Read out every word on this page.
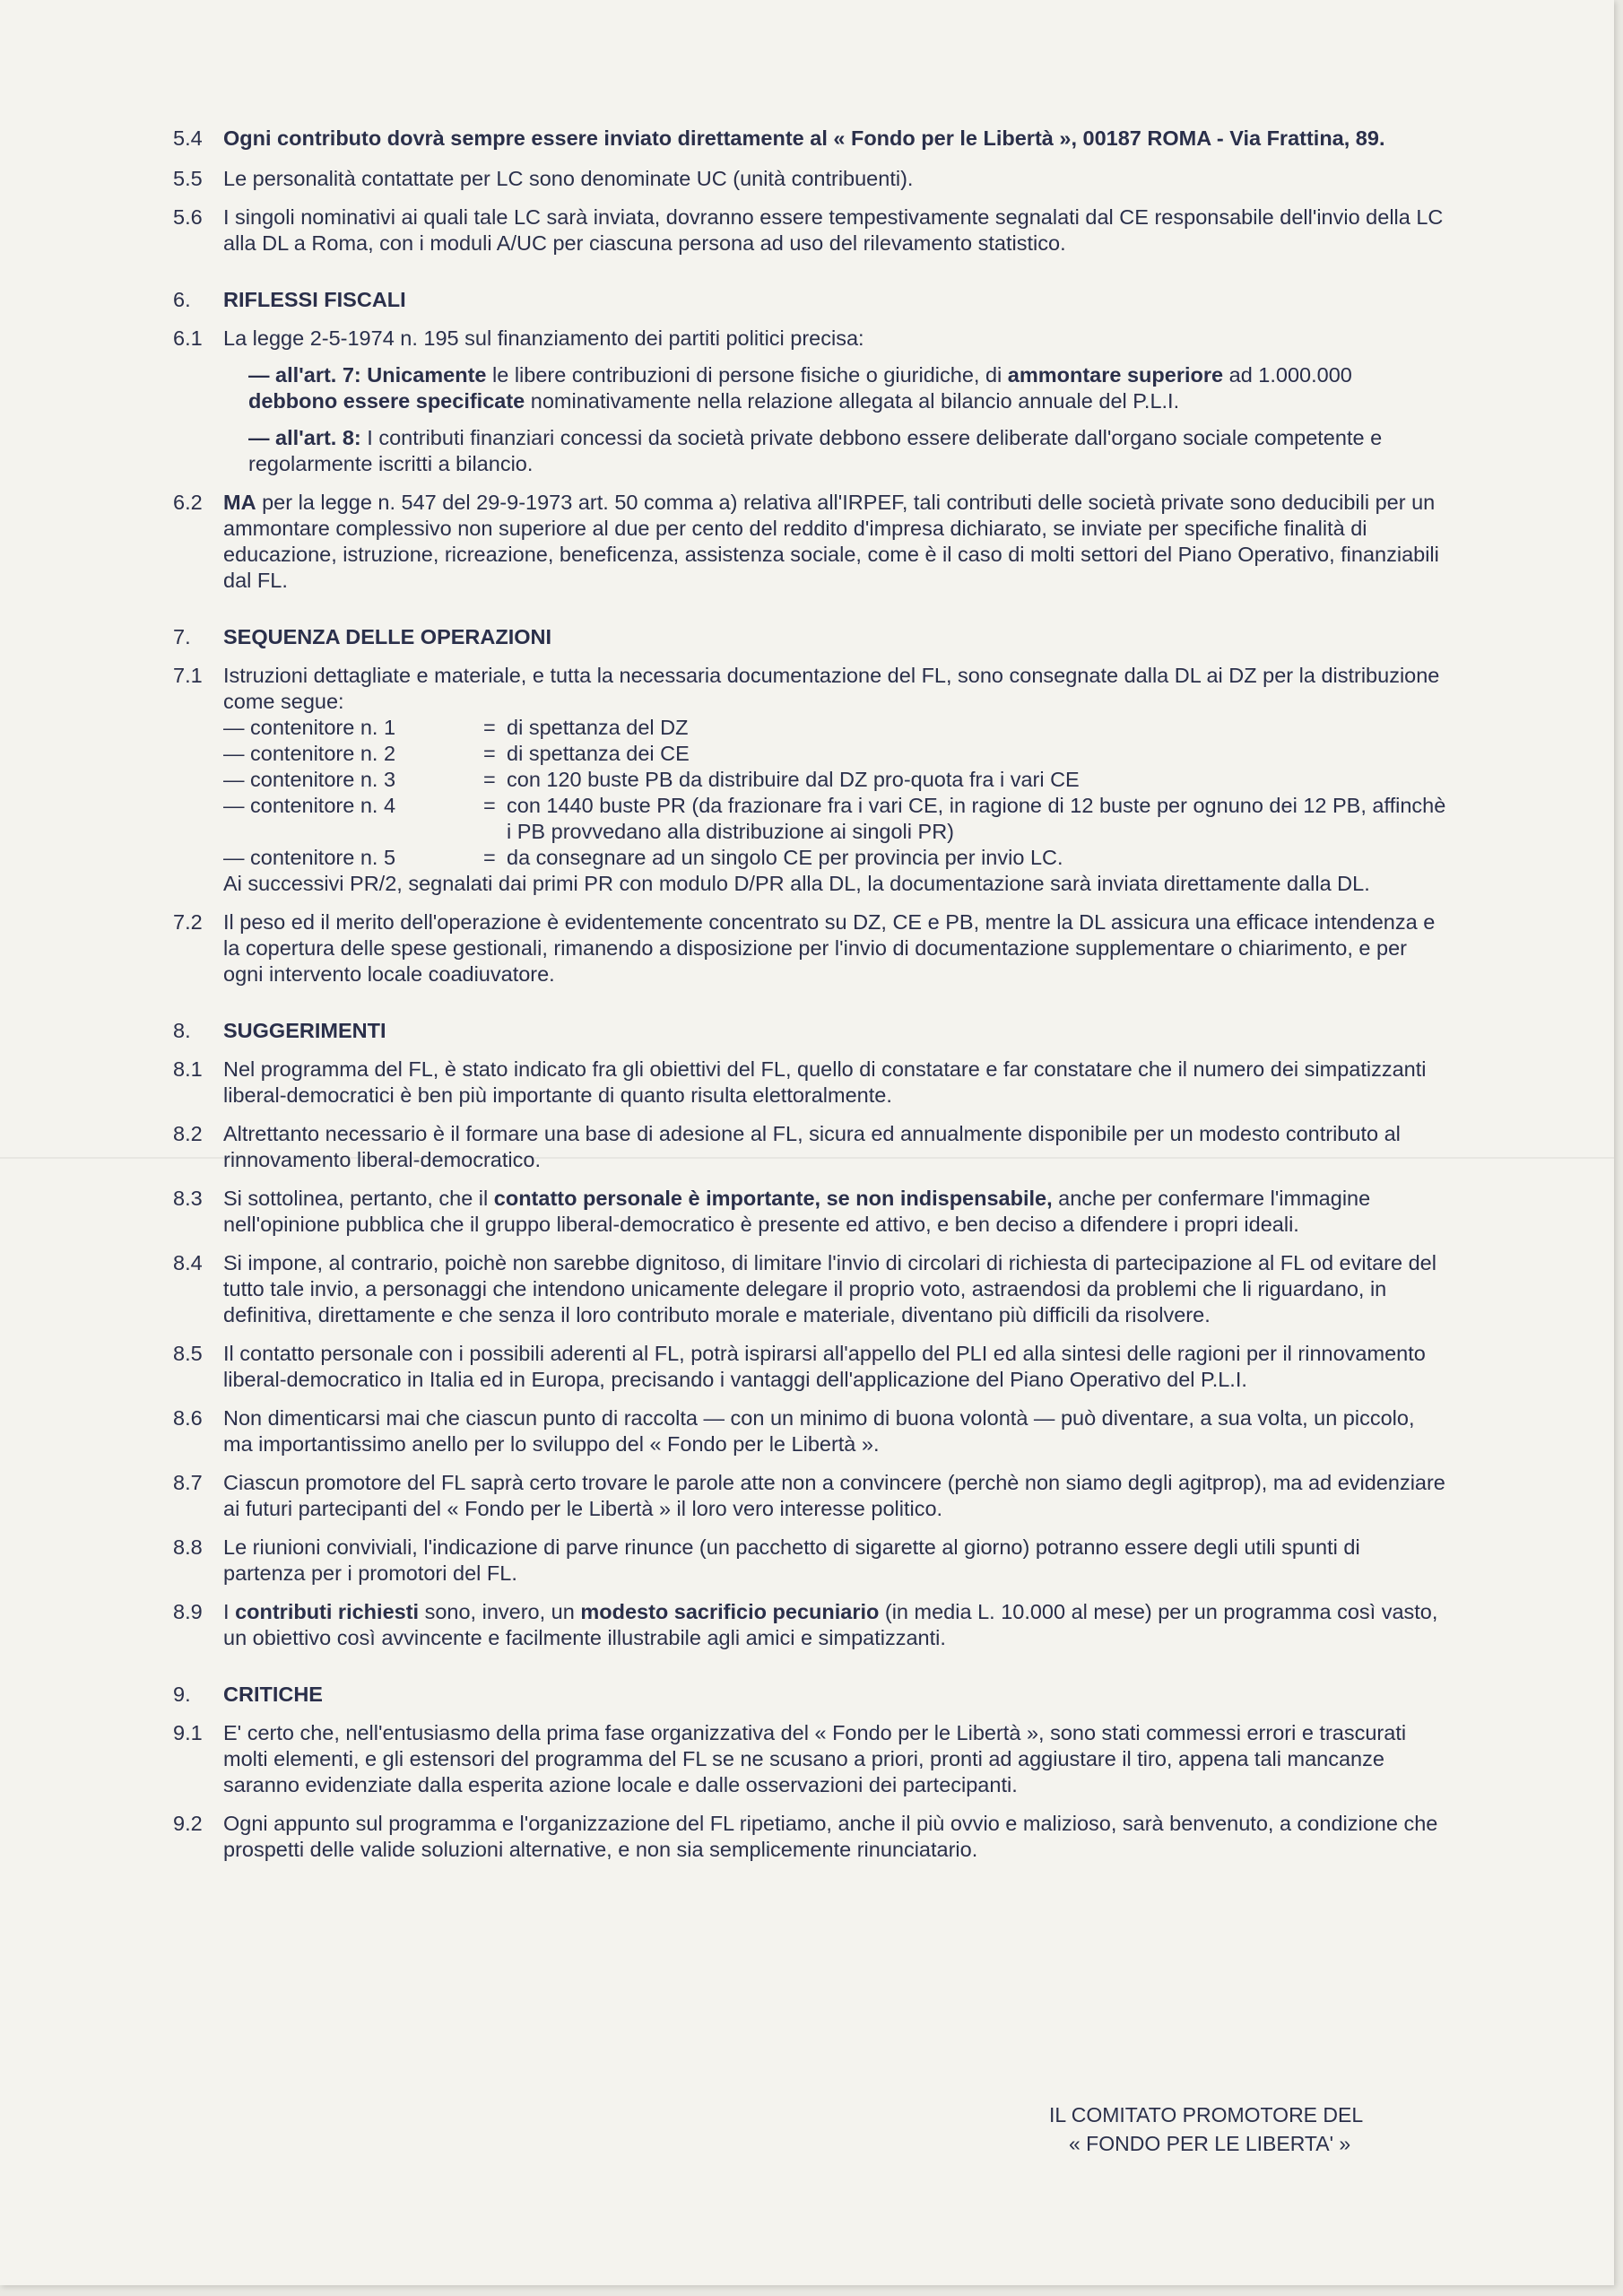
5.4 Ogni contributo dovrà sempre essere inviato direttamente al « Fondo per le Libertà », 00187 ROMA - Via Frattina, 89.
5.5 Le personalità contattate per LC sono denominate UC (unità contribuenti).
5.6 I singoli nominativi ai quali tale LC sarà inviata, dovranno essere tempestivamente segnalati dal CE responsabile dell'invio della LC alla DL a Roma, con i moduli A/UC per ciascuna persona ad uso del rilevamento statistico.
6. RIFLESSI FISCALI
6.1 La legge 2-5-1974 n. 195 sul finanziamento dei partiti politici precisa:
— all'art. 7: Unicamente le libere contribuzioni di persone fisiche o giuridiche, di ammontare superiore ad 1.000.000 debbono essere specificate nominativamente nella relazione allegata al bilancio annuale del P.L.I.
— all'art. 8: I contributi finanziari concessi da società private debbono essere deliberate dall'organo sociale competente e regolarmente iscritti a bilancio.
6.2 MA per la legge n. 547 del 29-9-1973 art. 50 comma a) relativa all'IRPEF, tali contributi delle società private sono deducibili per un ammontare complessivo non superiore al due per cento del reddito d'impresa dichiarato, se inviate per specifiche finalità di educazione, istruzione, ricreazione, beneficenza, assistenza sociale, come è il caso di molti settori del Piano Operativo, finanziabili dal FL.
7. SEQUENZA DELLE OPERAZIONI
7.1 Istruzioni dettagliate e materiale, e tutta la necessaria documentazione del FL, sono consegnate dalla DL ai DZ per la distribuzione come segue:
— contenitore n. 1	= di spettanza del DZ
— contenitore n. 2	= di spettanza dei CE
— contenitore n. 3	= con 120 buste PB da distribuire dal DZ pro-quota fra i vari CE
— contenitore n. 4	= con 1440 buste PR (da frazionare fra i vari CE, in ragione di 12 buste per ognuno dei 12 PB, affinchè i PB provvedano alla distribuzione ai singoli PR)
— contenitore n. 5	= da consegnare ad un singolo CE per provincia per invio LC.
Ai successivi PR/2, segnalati dai primi PR con modulo D/PR alla DL, la documentazione sarà inviata direttamente dalla DL.
7.2 Il peso ed il merito dell'operazione è evidentemente concentrato su DZ, CE e PB, mentre la DL assicura una efficace intendenza e la copertura delle spese gestionali, rimanendo a disposizione per l'invio di documentazione supplementare o chiarimento, e per ogni intervento locale coadiuvatore.
8. SUGGERIMENTI
8.1 Nel programma del FL, è stato indicato fra gli obiettivi del FL, quello di constatare e far constatare che il numero dei simpatizzanti liberal-democratici è ben più importante di quanto risulta elettoralmente.
8.2 Altrettanto necessario è il formare una base di adesione al FL, sicura ed annualmente disponibile per un modesto contributo al rinnovamento liberal-democratico.
8.3 Si sottolinea, pertanto, che il contatto personale è importante, se non indispensabile, anche per confermare l'immagine nell'opinione pubblica che il gruppo liberal-democratico è presente ed attivo, e ben deciso a difendere i propri ideali.
8.4 Si impone, al contrario, poichè non sarebbe dignitoso, di limitare l'invio di circolari di richiesta di partecipazione al FL od evitare del tutto tale invio, a personaggi che intendono unicamente delegare il proprio voto, astraendosi da problemi che li riguardano, in definitiva, direttamente e che senza il loro contributo morale e materiale, diventano più difficili da risolvere.
8.5 Il contatto personale con i possibili aderenti al FL, potrà ispirarsi all'appello del PLI ed alla sintesi delle ragioni per il rinnovamento liberal-democratico in Italia ed in Europa, precisando i vantaggi dell'applicazione del Piano Operativo del P.L.I.
8.6 Non dimenticarsi mai che ciascun punto di raccolta — con un minimo di buona volontà — può diventare, a sua volta, un piccolo, ma importantissimo anello per lo sviluppo del « Fondo per le Libertà ».
8.7 Ciascun promotore del FL saprà certo trovare le parole atte non a convincere (perchè non siamo degli agitprop), ma ad evidenziare ai futuri partecipanti del « Fondo per le Libertà » il loro vero interesse politico.
8.8 Le riunioni conviviali, l'indicazione di parve rinunce (un pacchetto di sigarette al giorno) potranno essere degli utili spunti di partenza per i promotori del FL.
8.9 I contributi richiesti sono, invero, un modesto sacrificio pecuniario (in media L. 10.000 al mese) per un programma così vasto, un obiettivo così avvincente e facilmente illustrabile agli amici e simpatizzanti.
9. CRITICHE
9.1 E' certo che, nell'entusiasmo della prima fase organizzativa del « Fondo per le Libertà », sono stati commessi errori e trascurati molti elementi, e gli estensori del programma del FL se ne scusano a priori, pronti ad aggiustare il tiro, appena tali mancanze saranno evidenziate dalla esperita azione locale e dalle osservazioni dei partecipanti.
9.2 Ogni appunto sul programma e l'organizzazione del FL ripetiamo, anche il più ovvio e malizioso, sarà benvenuto, a condizione che prospetti delle valide soluzioni alternative, e non sia semplicemente rinunciatario.
IL COMITATO PROMOTORE DEL
« FONDO PER LE LIBERTA' »
